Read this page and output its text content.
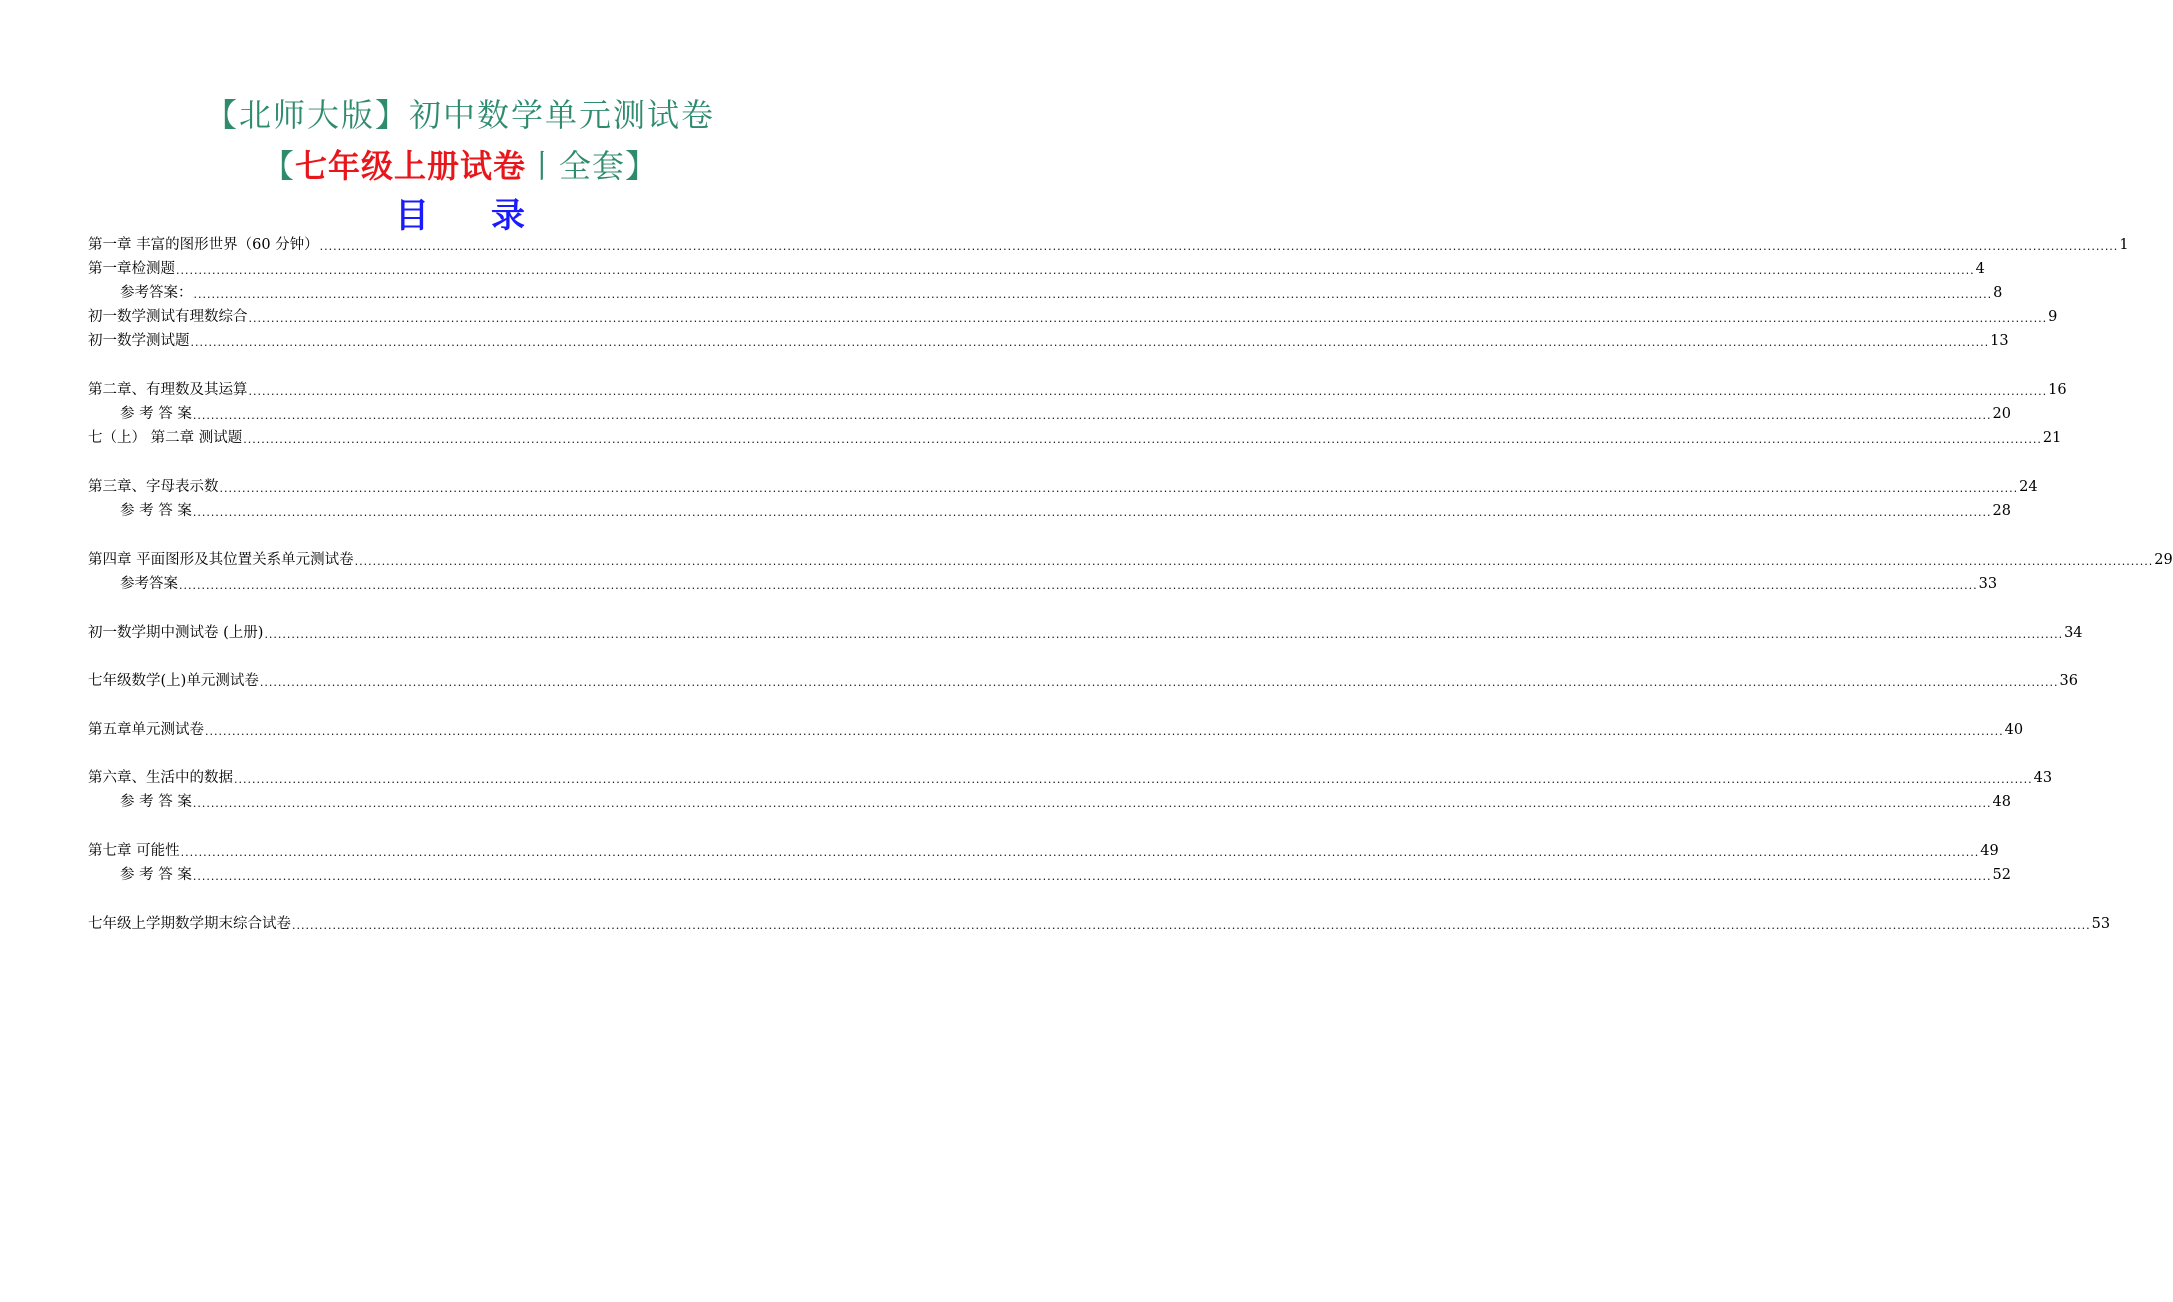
【北师大版】初中数学单元测试卷
【七年级上册试卷丨全套】
目 录
第一章 丰富的图形世界（60 分钟） ................................................................................................................................................................................................................................................................................................................................................................................................................ 1
第一章检测题 ................................................................................................................................................................................................................................................................................................................................................................................................................ 4
参考答案： ................................................................................................................................................................................................................................................................................................................................................................................................................ 8
初一数学测试有理数综合 ................................................................................................................................................................................................................................................................................................................................................................................................................ 9
初一数学测试题 ................................................................................................................................................................................................................................................................................................................................................................................................................ 13
第二章、有理数及其运算 ................................................................................................................................................................................................................................................................................................................................................................................................................ 16
参 考 答 案 ................................................................................................................................................................................................................................................................................................................................................................................................................ 20
七（上） 第二章 测试题 ................................................................................................................................................................................................................................................................................................................................................................................................................ 21
第三章、字母表示数 ................................................................................................................................................................................................................................................................................................................................................................................................................ 24
参 考 答 案 ................................................................................................................................................................................................................................................................................................................................................................................................................ 28
第四章 平面图形及其位置关系单元测试卷 ................................................................................................................................................................................................................................................................................................................................................................................................................ 29
参考答案 ................................................................................................................................................................................................................................................................................................................................................................................................................ 33
初一数学期中测试卷 (上册) ................................................................................................................................................................................................................................................................................................................................................................................................................ 34
七年级数学(上)单元测试卷 ................................................................................................................................................................................................................................................................................................................................................................................................................ 36
第五章单元测试卷 ................................................................................................................................................................................................................................................................................................................................................................................................................ 40
第六章、生活中的数据 ................................................................................................................................................................................................................................................................................................................................................................................................................ 43
参 考 答 案 ................................................................................................................................................................................................................................................................................................................................................................................................................ 48
第七章 可能性 ................................................................................................................................................................................................................................................................................................................................................................................................................ 49
参 考 答 案 ................................................................................................................................................................................................................................................................................................................................................................................................................ 52
七年级上学期数学期末综合试卷 ................................................................................................................................................................................................................................................................................................................................................................................................................ 53
